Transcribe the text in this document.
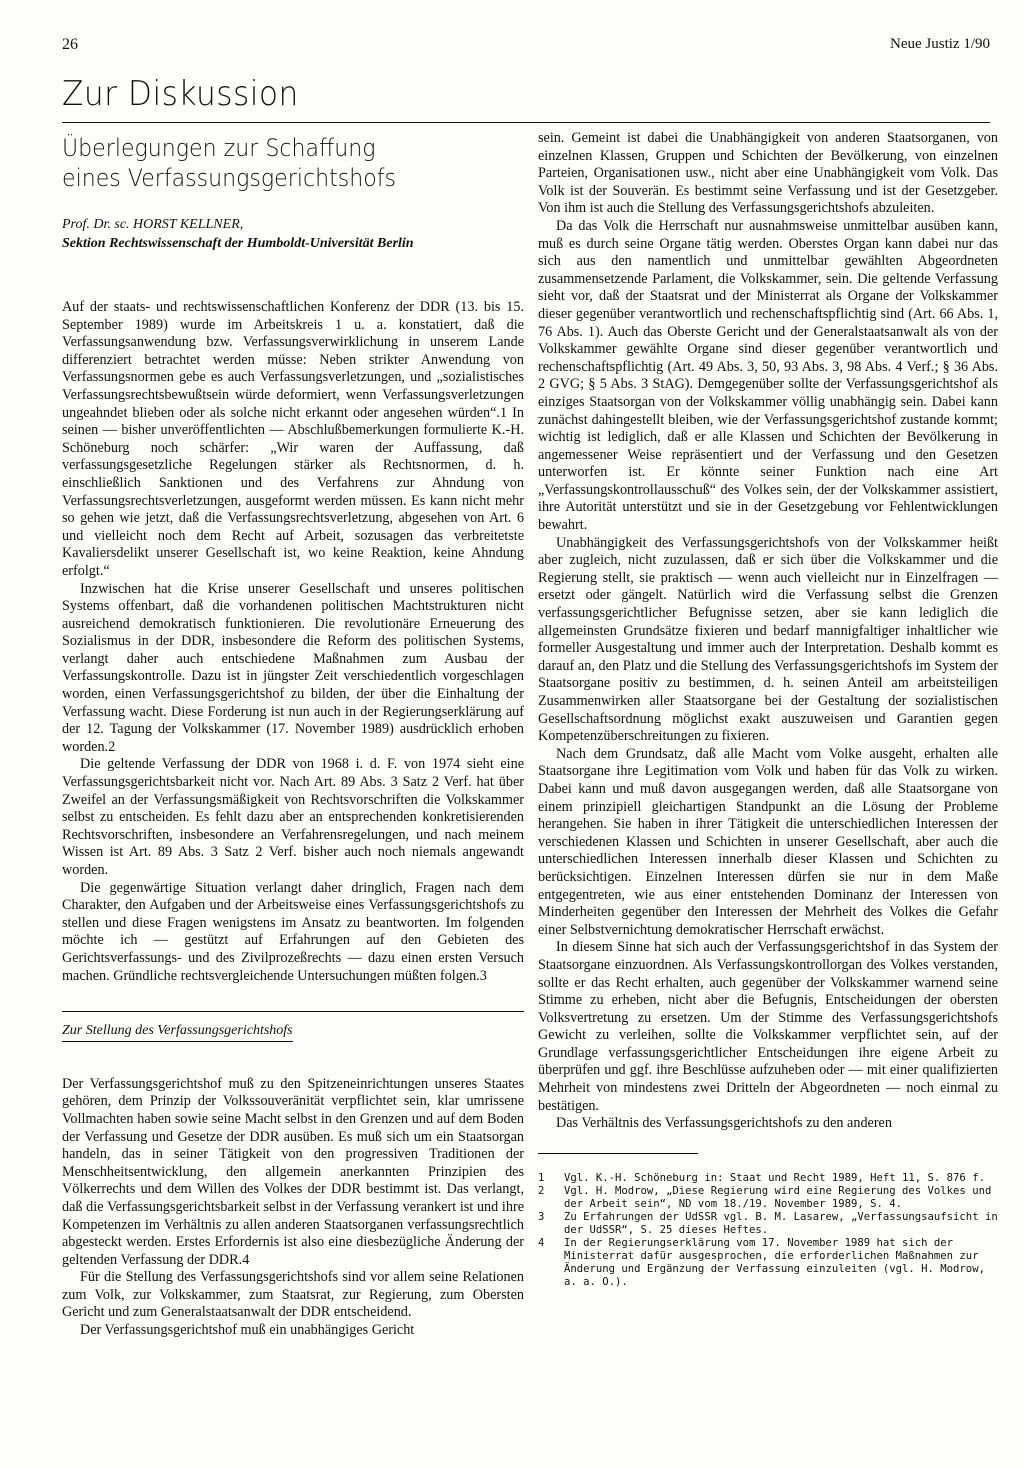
26	Neue Justiz 1/90
Zur Diskussion
Überlegungen zur Schaffung
eines Verfassungsgerichtshofs
Prof. Dr. sc. HORST KELLNER,
Sektion Rechtswissenschaft der Humboldt-Universität Berlin

Auf der staats- und rechtswissenschaftlichen Konferenz der DDR (13. bis 15. September 1989) wurde im Arbeitskreis 1 u. a. konstatiert, daß die Verfassungsanwendung bzw. Verfassungsverwirklichung in unserem Lande differenziert betrachtet werden müsse: Neben strikter Anwendung von Verfassungsnormen gebe es auch Verfassungsverletzungen, und „sozialistisches Verfassungsrechtsbewußtsein würde deformiert, wenn Verfassungsverletzungen ungeahndet blieben oder als solche nicht erkannt oder angesehen würden“.1 In seinen — bisher unveröffentlichten — Abschlußbemerkungen formulierte K.-H. Schöneburg noch schärfer: „Wir waren der Auffassung, daß verfassungsgesetzliche Regelungen stärker als Rechtsnormen, d. h. einschließlich Sanktionen und des Verfahrens zur Ahndung von Verfassungsrechtsverletzungen, ausgeformt werden müssen. Es kann nicht mehr so gehen wie jetzt, daß die Verfassungsrechtsverletzung, abgesehen von Art. 6 und vielleicht noch dem Recht auf Arbeit, sozusagen das verbreitetste Kavaliersdelikt unserer Gesellschaft ist, wo keine Reaktion, keine Ahndung erfolgt.“

Inzwischen hat die Krise unserer Gesellschaft und unseres politischen Systems offenbart, daß die vorhandenen politischen Machtstrukturen nicht ausreichend demokratisch funktionieren. Die revolutionäre Erneuerung des Sozialismus in der DDR, insbesondere die Reform des politischen Systems, verlangt daher auch entschiedene Maßnahmen zum Ausbau der Verfassungskontrolle. Dazu ist in jüngster Zeit verschiedentlich vorgeschlagen worden, einen Verfassungsgerichtshof zu bilden, der über die Einhaltung der Verfassung wacht. Diese Forderung ist nun auch in der Regierungserklärung auf der 12. Tagung der Volkskammer (17. November 1989) ausdrücklich erhoben worden.2

Die geltende Verfassung der DDR von 1968 i. d. F. von 1974 sieht eine Verfassungsgerichtsbarkeit nicht vor. Nach Art. 89 Abs. 3 Satz 2 Verf. hat über Zweifel an der Verfassungsmäßigkeit von Rechtsvorschriften die Volkskammer selbst zu entscheiden. Es fehlt dazu aber an entsprechenden konkretisierenden Rechtsvorschriften, insbesondere an Verfahrensregelungen, und nach meinem Wissen ist Art. 89 Abs. 3 Satz 2 Verf. bisher auch noch niemals angewandt worden.

Die gegenwärtige Situation verlangt daher dringlich, Fragen nach dem Charakter, den Aufgaben und der Arbeitsweise eines Verfassungsgerichtshofs zu stellen und diese Fragen wenigstens im Ansatz zu beantworten. Im folgenden möchte ich — gestützt auf Erfahrungen auf den Gebieten des Gerichtsverfassungs- und des Zivilprozeßrechts — dazu einen ersten Versuch machen. Gründliche rechtsvergleichende Untersuchungen müßten folgen.3

Zur Stellung des Verfassungsgerichtshofs

Der Verfassungsgerichtshof muß zu den Spitzeneinrichtungen unseres Staates gehören, dem Prinzip der Volkssouveränität verpflichtet sein, klar umrissene Vollmachten haben sowie seine Macht selbst in den Grenzen und auf dem Boden der Verfassung und Gesetze der DDR ausüben. Es muß sich um ein Staatsorgan handeln, das in seiner Tätigkeit von den progressiven Traditionen der Menschheitsentwicklung, den allgemein anerkannten Prinzipien des Völkerrechts und dem Willen des Volkes der DDR bestimmt ist. Das verlangt, daß die Verfassungsgerichtsbarkeit selbst in der Verfassung verankert ist und ihre Kompetenzen im Verhältnis zu allen anderen Staatsorganen verfassungsrechtlich abgesteckt werden. Erstes Erfordernis ist also eine diesbezügliche Änderung der geltenden Verfassung der DDR.4

Für die Stellung des Verfassungsgerichtshofs sind vor allem seine Relationen zum Volk, zur Volkskammer, zum Staatsrat, zur Regierung, zum Obersten Gericht und zum Generalstaatsanwalt der DDR entscheidend.

Der Verfassungsgerichtshof muß ein unabhängiges Gericht

sein. Gemeint ist dabei die Unabhängigkeit von anderen Staatsorganen, von einzelnen Klassen, Gruppen und Schichten der Bevölkerung, von einzelnen Parteien, Organisationen usw., nicht aber eine Unabhängigkeit vom Volk. Das Volk ist der Souverän. Es bestimmt seine Verfassung und ist der Gesetzgeber. Von ihm ist auch die Stellung des Verfassungsgerichtshofs abzuleiten.

Da das Volk die Herrschaft nur ausnahmsweise unmittelbar ausüben kann, muß es durch seine Organe tätig werden. Oberstes Organ kann dabei nur das sich aus den namentlich und unmittelbar gewählten Abgeordneten zusammensetzende Parlament, die Volkskammer, sein. Die geltende Verfassung sieht vor, daß der Staatsrat und der Ministerrat als Organe der Volkskammer dieser gegenüber verantwortlich und rechenschaftspflichtig sind (Art. 66 Abs. 1, 76 Abs. 1). Auch das Oberste Gericht und der Generalstaatsanwalt als von der Volkskammer gewählte Organe sind dieser gegenüber verantwortlich und rechenschaftspflichtig (Art. 49 Abs. 3, 50, 93 Abs. 3, 98 Abs. 4 Verf.; § 36 Abs. 2 GVG; § 5 Abs. 3 StAG). Demgegenüber sollte der Verfassungsgerichtshof als einziges Staatsorgan von der Volkskammer völlig unabhängig sein. Dabei kann zunächst dahingestellt bleiben, wie der Verfassungsgerichtshof zustande kommt; wichtig ist lediglich, daß er alle Klassen und Schichten der Bevölkerung in angemessener Weise repräsentiert und der Verfassung und den Gesetzen unterworfen ist. Er könnte seiner Funktion nach eine Art „Verfassungskontrollausschuß“ des Volkes sein, der der Volkskammer assistiert, ihre Autorität unterstützt und sie in der Gesetzgebung vor Fehlentwicklungen bewahrt.

Unabhängigkeit des Verfassungsgerichtshofs von der Volkskammer heißt aber zugleich, nicht zuzulassen, daß er sich über die Volkskammer und die Regierung stellt, sie praktisch — wenn auch vielleicht nur in Einzelfragen — ersetzt oder gängelt. Natürlich wird die Verfassung selbst die Grenzen verfassungsgerichtlicher Befugnisse setzen, aber sie kann lediglich die allgemeinsten Grundsätze fixieren und bedarf mannigfaltiger inhaltlicher wie formeller Ausgestaltung und immer auch der Interpretation. Deshalb kommt es darauf an, den Platz und die Stellung des Verfassungsgerichtshofs im System der Staatsorgane positiv zu bestimmen, d. h. seinen Anteil am arbeitsteiligen Zusammenwirken aller Staatsorgane bei der Gestaltung der sozialistischen Gesellschaftsordnung möglichst exakt auszuweisen und Garantien gegen Kompetenzüberschreitungen zu fixieren.

Nach dem Grundsatz, daß alle Macht vom Volke ausgeht, erhalten alle Staatsorgane ihre Legitimation vom Volk und haben für das Volk zu wirken. Dabei kann und muß davon ausgegangen werden, daß alle Staatsorgane von einem prinzipiell gleichartigen Standpunkt an die Lösung der Probleme herangehen. Sie haben in ihrer Tätigkeit die unterschiedlichen Interessen der verschiedenen Klassen und Schichten in unserer Gesellschaft, aber auch die unterschiedlichen Interessen innerhalb dieser Klassen und Schichten zu berücksichtigen. Einzelnen Interessen dürfen sie nur in dem Maße entgegentreten, wie aus einer entstehenden Dominanz der Interessen von Minderheiten gegenüber den Interessen der Mehrheit des Volkes die Gefahr einer Selbstvernichtung demokratischer Herrschaft erwächst.

In diesem Sinne hat sich auch der Verfassungsgerichtshof in das System der Staatsorgane einzuordnen. Als Verfassungskontrollorgan des Volkes verstanden, sollte er das Recht erhalten, auch gegenüber der Volkskammer warnend seine Stimme zu erheben, nicht aber die Befugnis, Entscheidungen der obersten Volksvertretung zu ersetzen. Um der Stimme des Verfassungsgerichtshofs Gewicht zu verleihen, sollte die Volkskammer verpflichtet sein, auf der Grundlage verfassungsgerichtlicher Entscheidungen ihre eigene Arbeit zu überprüfen und ggf. ihre Beschlüsse aufzuheben oder — mit einer qualifizierten Mehrheit von mindestens zwei Dritteln der Abgeordneten — noch einmal zu bestätigen.

Das Verhältnis des Verfassungsgerichtshofs zu den anderen

1	Vgl. K.-H. Schöneburg in: Staat und Recht 1989, Heft 11, S. 876 f.
2	Vgl. H. Modrow, „Diese Regierung wird eine Regierung des Volkes und der Arbeit sein“, ND vom 18./19. November 1989, S. 4.
3	Zu Erfahrungen der UdSSR vgl. B. M. Lasarew, „Verfassungsaufsicht in der UdSSR“, S. 25 dieses Heftes.
4	In der Regierungserklärung vom 17. November 1989 hat sich der Ministerrat dafür ausgesprochen, die erforderlichen Maßnahmen zur Änderung und Ergänzung der Verfassung einzuleiten (vgl. H. Modrow, a. a. O.).
